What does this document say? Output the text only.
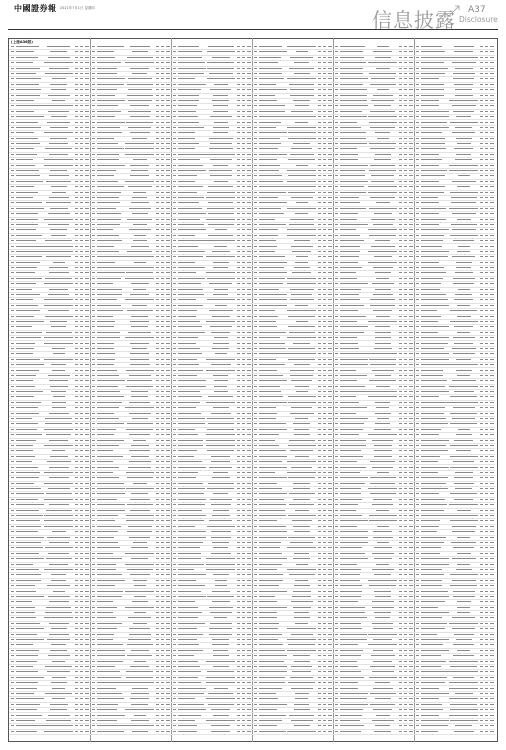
中國證券報 2021年7月1日 星期四	信息披露 A37
Disclosure
(上接A36版)
